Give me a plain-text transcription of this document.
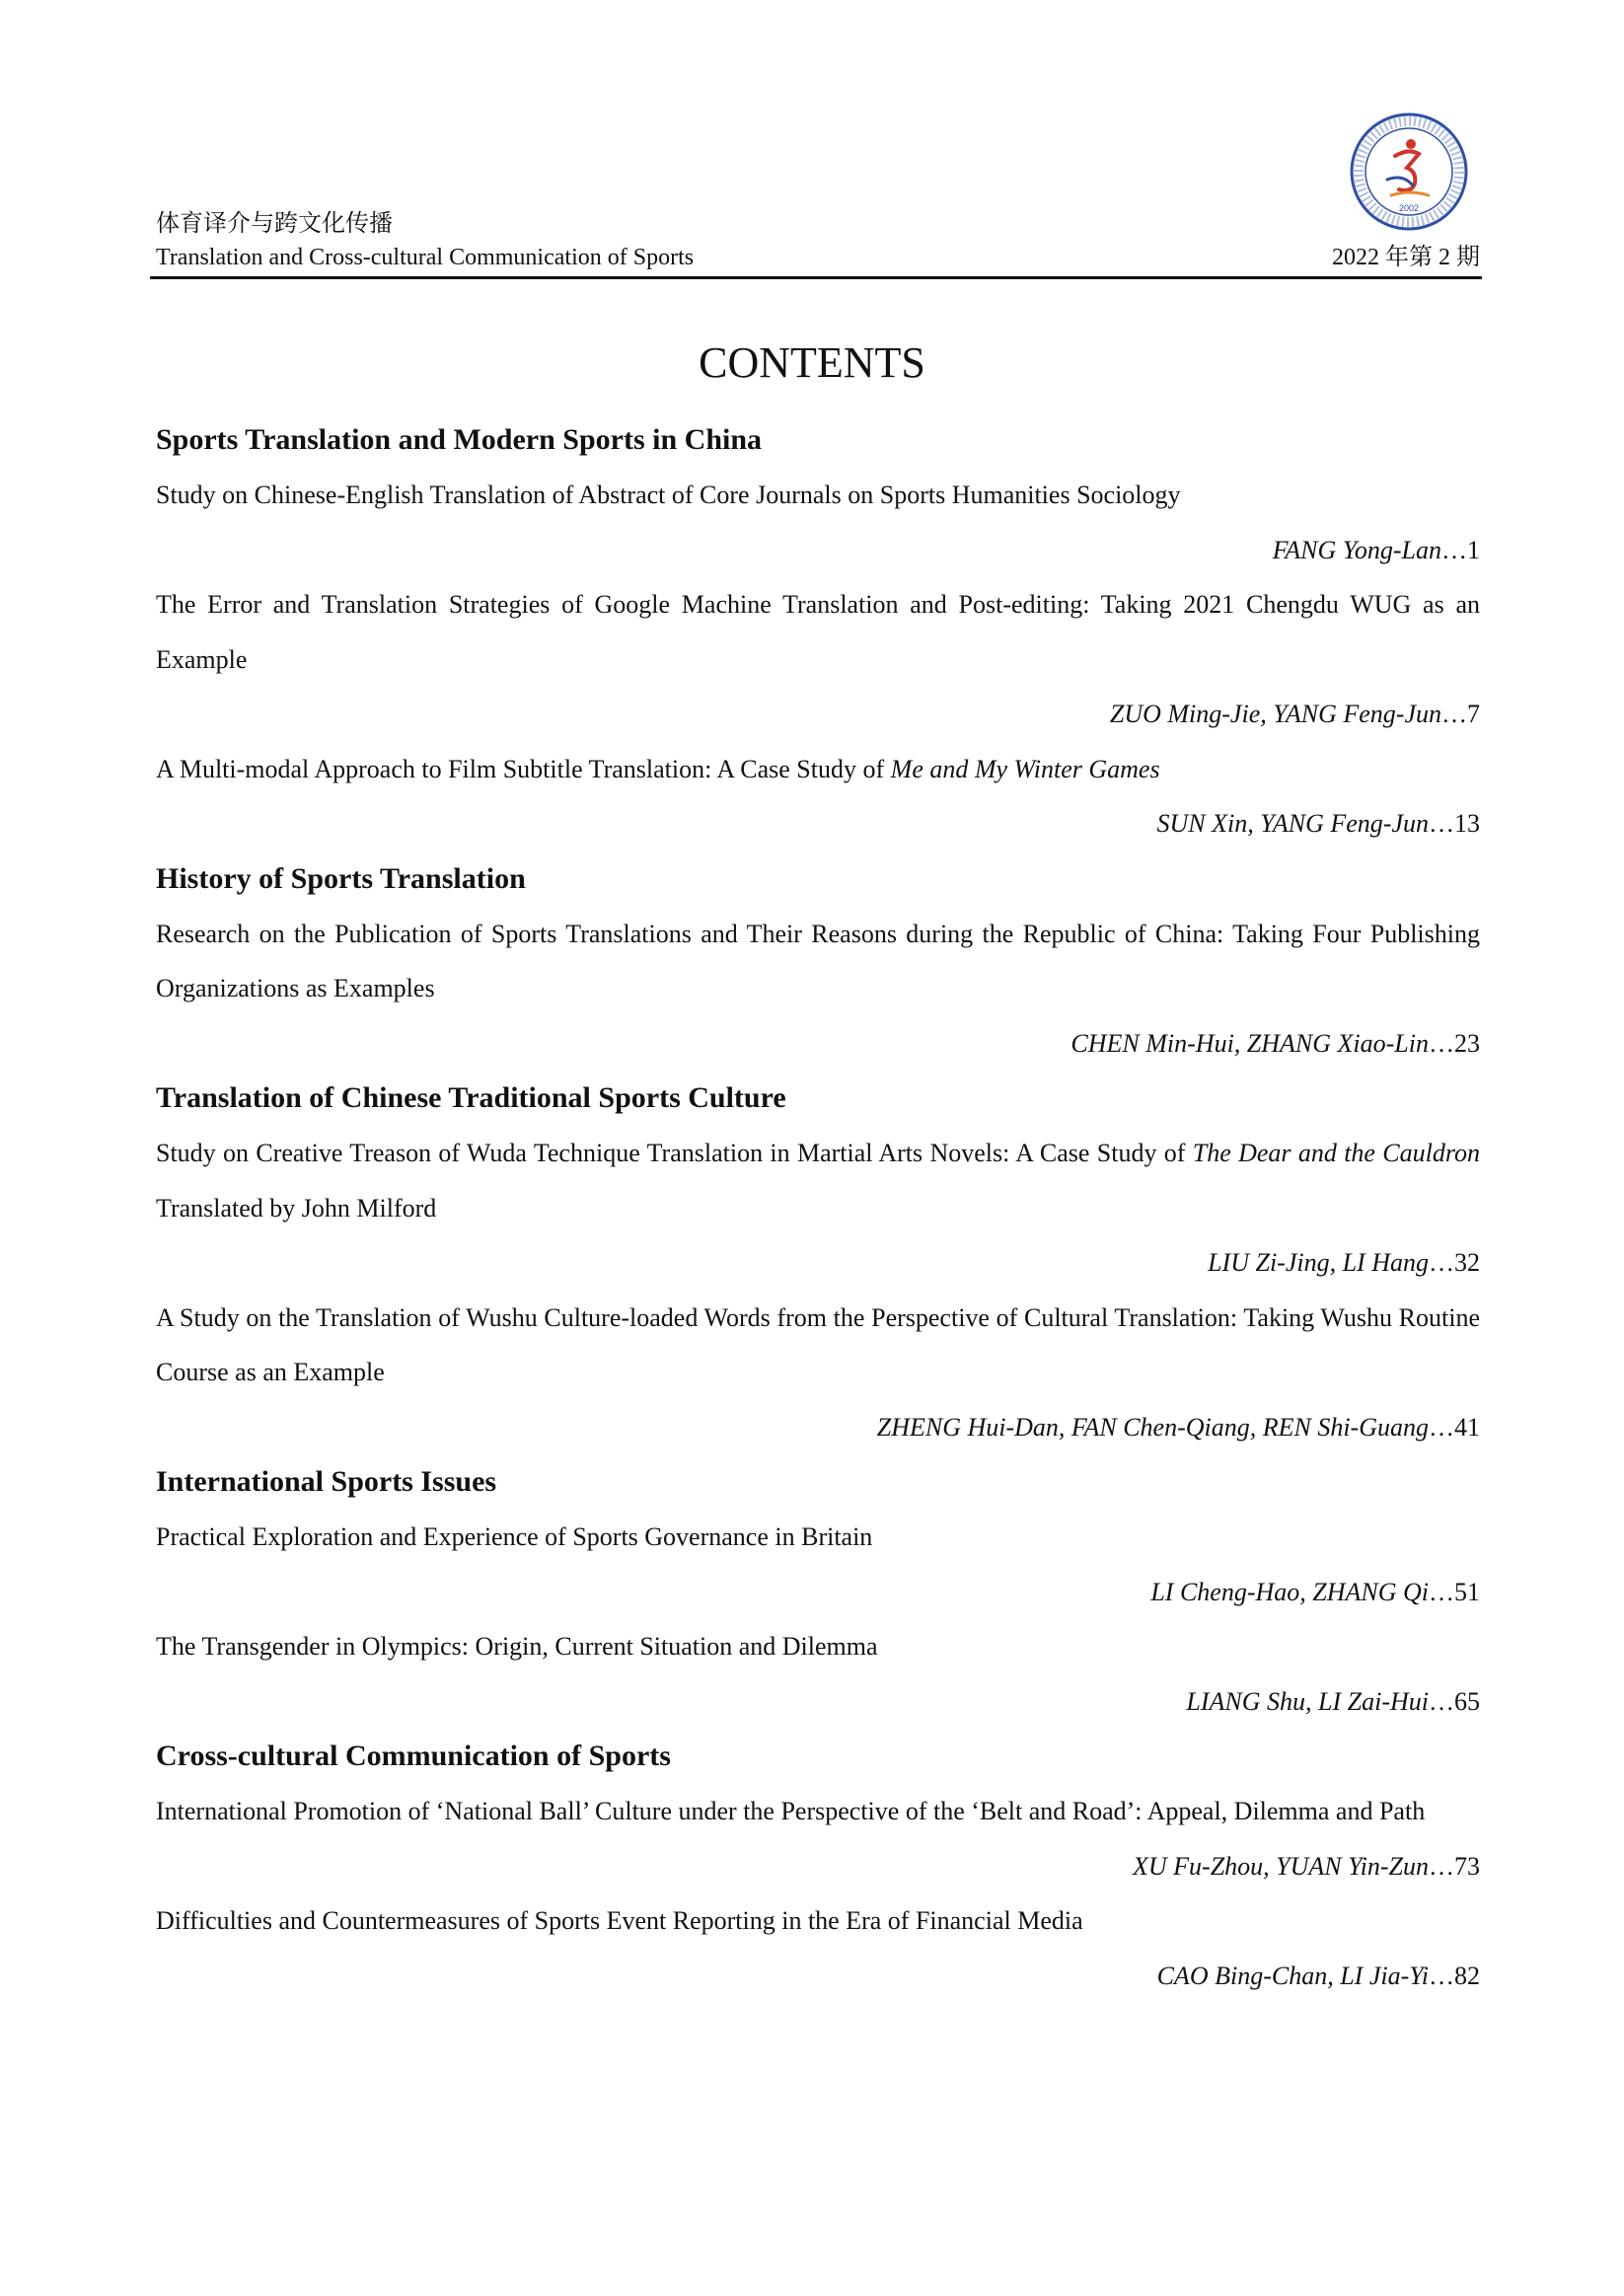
2002
体育译介与跨文化传播
Translation and Cross-cultural Communication of Sports	2022 年第 2 期
CONTENTS

Sports Translation and Modern Sports in China

Study on Chinese-English Translation of Abstract of Core Journals on Sports Humanities Sociology

FANG Yong-Lan…1

The Error and Translation Strategies of Google Machine Translation and Post-editing: Taking 2021 Chengdu WUG as an Example

ZUO Ming-Jie, YANG Feng-Jun…7

A Multi-modal Approach to Film Subtitle Translation: A Case Study of Me and My Winter Games

SUN Xin, YANG Feng-Jun…13

History of Sports Translation

Research on the Publication of Sports Translations and Their Reasons during the Republic of China: Taking Four Publishing Organizations as Examples

CHEN Min-Hui, ZHANG Xiao-Lin…23

Translation of Chinese Traditional Sports Culture

Study on Creative Treason of Wuda Technique Translation in Martial Arts Novels: A Case Study of The Dear and the Cauldron Translated by John Milford

LIU Zi-Jing, LI Hang…32

A Study on the Translation of Wushu Culture-loaded Words from the Perspective of Cultural Translation: Taking Wushu Routine Course as an Example

ZHENG Hui-Dan, FAN Chen-Qiang, REN Shi-Guang…41

International Sports Issues

Practical Exploration and Experience of Sports Governance in Britain

LI Cheng-Hao, ZHANG Qi…51

The Transgender in Olympics: Origin, Current Situation and Dilemma

LIANG Shu, LI Zai-Hui…65

Cross-cultural Communication of Sports

International Promotion of ‘National Ball’ Culture under the Perspective of the ‘Belt and Road’: Appeal, Dilemma and Path

XU Fu-Zhou, YUAN Yin-Zun…73

Difficulties and Countermeasures of Sports Event Reporting in the Era of Financial Media

CAO Bing-Chan, LI Jia-Yi…82
